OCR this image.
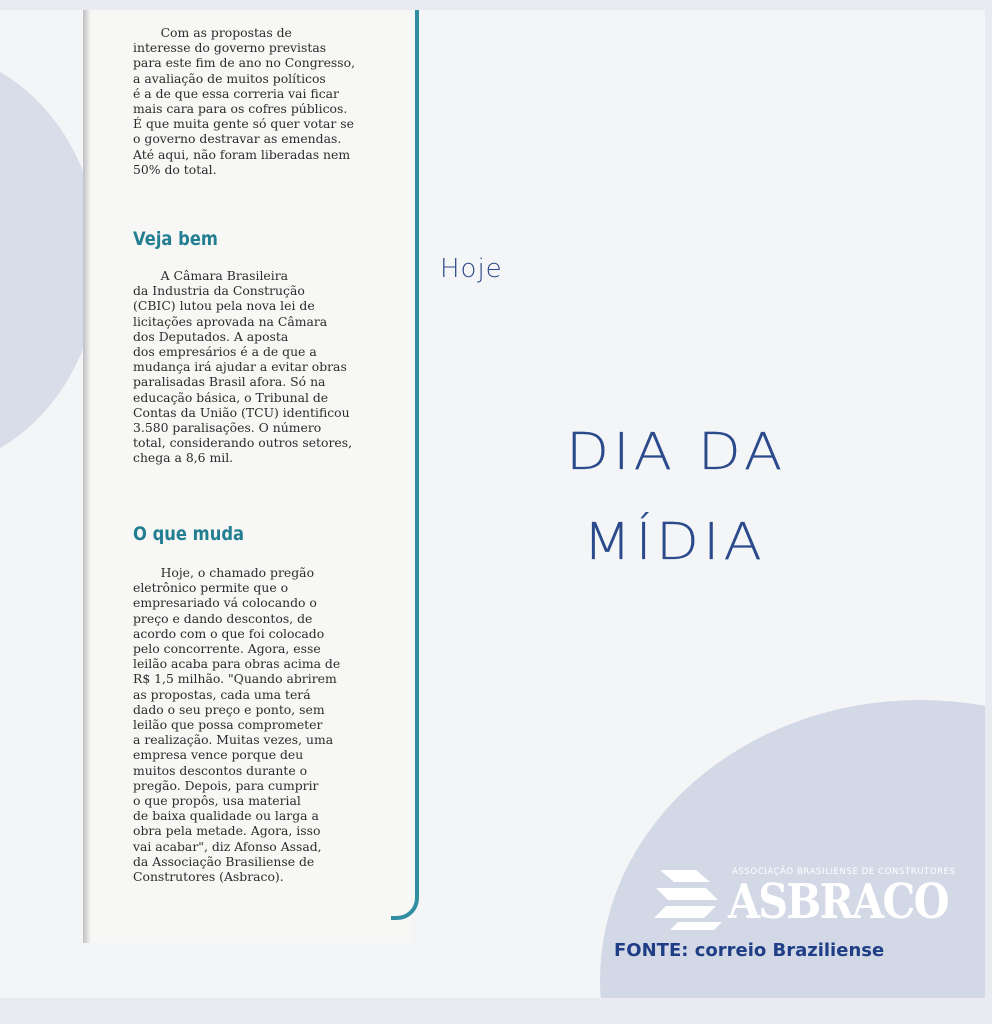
Com as propostas de
interesse do governo previstas
para este fim de ano no Congresso,
a avaliação de muitos políticos
é a de que essa correria vai ficar
mais cara para os cofres públicos.
É que muita gente só quer votar se
o governo destravar as emendas.
Até aqui, não foram liberadas nem
50% do total.
Veja bem
A Câmara Brasileira
da Industria da Construção
(CBIC) lutou pela nova lei de
licitações aprovada na Câmara
dos Deputados. A aposta
dos empresários é a de que a
mudança irá ajudar a evitar obras
paralisadas Brasil afora. Só na
educação básica, o Tribunal de
Contas da União (TCU) identificou
3.580 paralisações. O número
total, considerando outros setores,
chega a 8,6 mil.
O que muda
Hoje, o chamado pregão
eletrônico permite que o
empresariado vá colocando o
preço e dando descontos, de
acordo com o que foi colocado
pelo concorrente. Agora, esse
leilão acaba para obras acima de
R$ 1,5 milhão. "Quando abrirem
as propostas, cada uma terá
dado o seu preço e ponto, sem
leilão que possa comprometer
a realização. Muitas vezes, uma
empresa vence porque deu
muitos descontos durante o
pregão. Depois, para cumprir
o que propôs, usa material
de baixa qualidade ou larga a
obra pela metade. Agora, isso
vai acabar", diz Afonso Assad,
da Associação Brasiliense de
Construtores (Asbraco).
Hoje
DIA DA
MÍDIA
ASSOCIAÇÃO BRASILIENSE DE CONSTRUTORES
ASBRACO
FONTE: correio Braziliense
